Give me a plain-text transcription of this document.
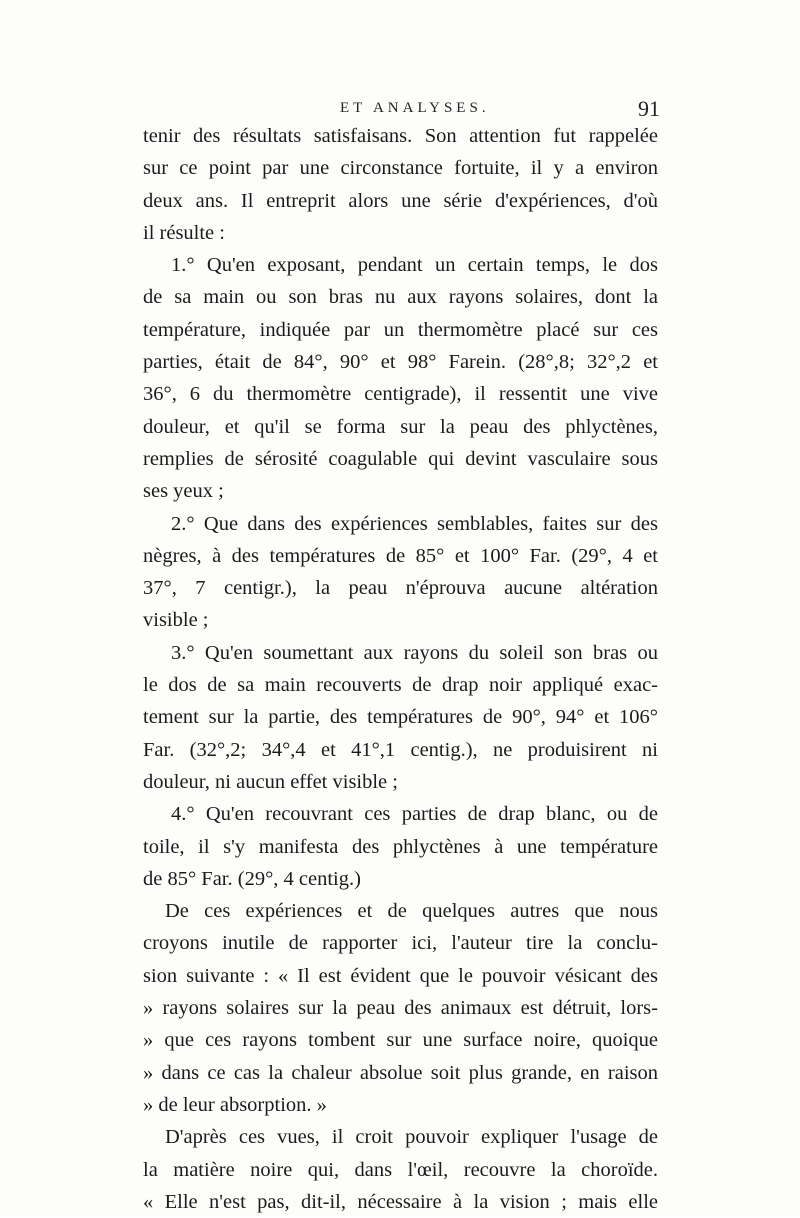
ET ANALYSES.	91
tenir des résultats satisfaisans. Son attention fut rappelée
sur ce point par une circonstance fortuite, il y a environ
deux ans. Il entreprit alors une série d'expériences, d'où
il résulte :
1.° Qu'en exposant, pendant un certain temps, le dos
de sa main ou son bras nu aux rayons solaires, dont la
température, indiquée par un thermomètre placé sur ces
parties, était de 84°, 90° et 98° Farein. (28°,8; 32°,2 et
36°, 6 du thermomètre centigrade), il ressentit une vive
douleur, et qu'il se forma sur la peau des phlyctènes,
remplies de sérosité coagulable qui devint vasculaire sous
ses yeux ;
2.° Que dans des expériences semblables, faites sur des
nègres, à des températures de 85° et 100° Far. (29°, 4 et
37°, 7 centigr.), la peau n'éprouva aucune altération
visible ;
3.° Qu'en soumettant aux rayons du soleil son bras ou
le dos de sa main recouverts de drap noir appliqué exac-
tement sur la partie, des températures de 90°, 94° et 106°
Far. (32°,2; 34°,4 et 41°,1 centig.), ne produisirent ni
douleur, ni aucun effet visible ;
4.° Qu'en recouvrant ces parties de drap blanc, ou de
toile, il s'y manifesta des phlyctènes à une température
de 85° Far. (29°, 4 centig.)
De ces expériences et de quelques autres que nous
croyons inutile de rapporter ici, l'auteur tire la conclu-
sion suivante : « Il est évident que le pouvoir vésicant des
» rayons solaires sur la peau des animaux est détruit, lors-
» que ces rayons tombent sur une surface noire, quoique
» dans ce cas la chaleur absolue soit plus grande, en raison
» de leur absorption. »
D'après ces vues, il croit pouvoir expliquer l'usage de
la matière noire qui, dans l'œil, recouvre la choroïde.
« Elle n'est pas, dit-il, nécessaire à la vision ; mais elle
